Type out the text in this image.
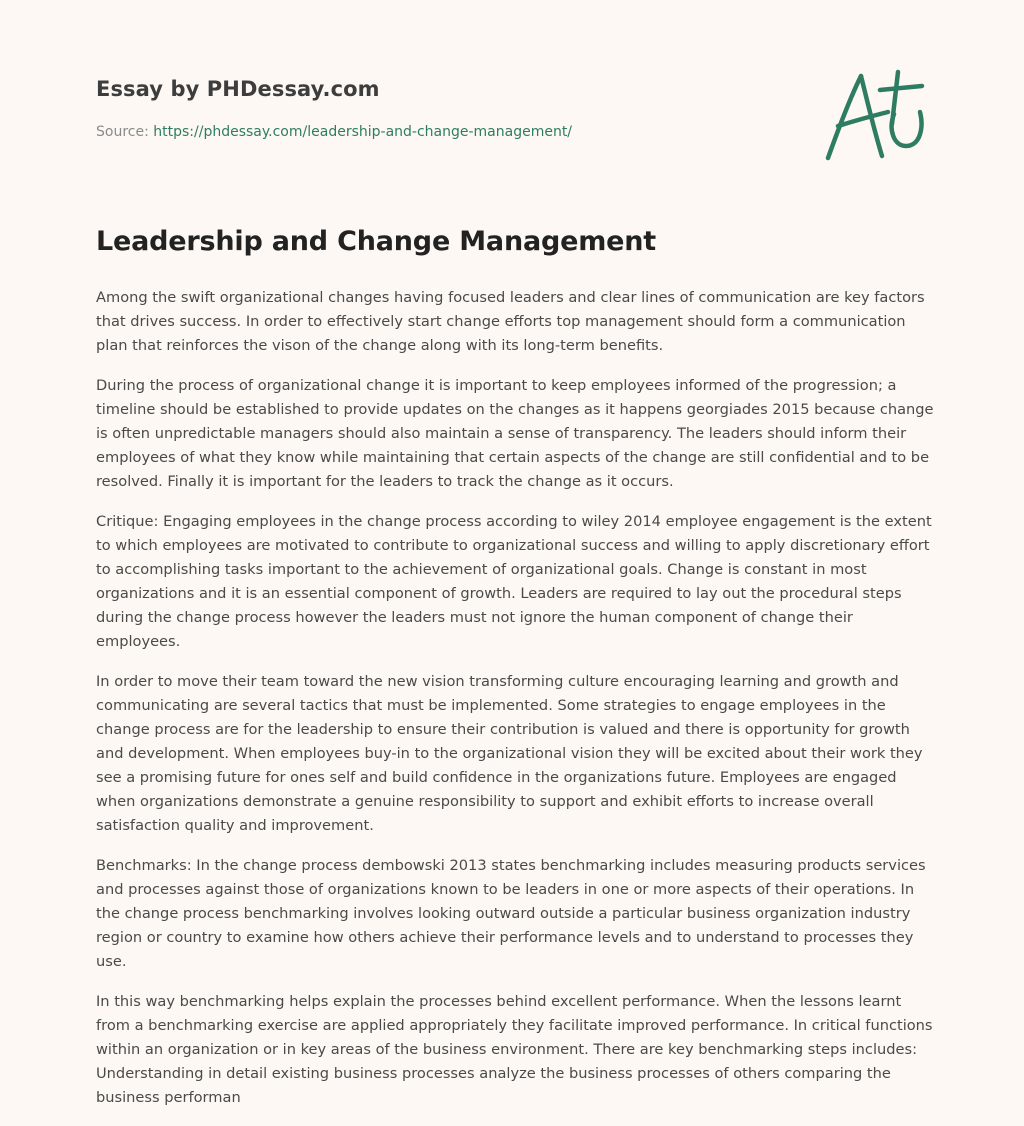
Essay by PHDessay.com
Source: https://phdessay.com/leadership-and-change-management/
Leadership and Change Management

Among the swift organizational changes having focused leaders and clear lines of communication are key factors that drives success. In order to effectively start change efforts top management should form a communication plan that reinforces the vison of the change along with its long-term benefits.

During the process of organizational change it is important to keep employees informed of the progression; a timeline should be established to provide updates on the changes as it happens georgiades 2015 because change is often unpredictable managers should also maintain a sense of transparency. The leaders should inform their employees of what they know while maintaining that certain aspects of the change are still confidential and to be resolved. Finally it is important for the leaders to track the change as it occurs.

Critique: Engaging employees in the change process according to wiley 2014 employee engagement is the extent to which employees are motivated to contribute to organizational success and willing to apply discretionary effort to accomplishing tasks important to the achievement of organizational goals. Change is constant in most organizations and it is an essential component of growth. Leaders are required to lay out the procedural steps during the change process however the leaders must not ignore the human component of change their employees.

In order to move their team toward the new vision transforming culture encouraging learning and growth and communicating are several tactics that must be implemented. Some strategies to engage employees in the change process are for the leadership to ensure their contribution is valued and there is opportunity for growth and development. When employees buy-in to the organizational vision they will be excited about their work they see a promising future for ones self and build confidence in the organizations future. Employees are engaged when organizations demonstrate a genuine responsibility to support and exhibit efforts to increase overall satisfaction quality and improvement.

Benchmarks: In the change process dembowski 2013 states benchmarking includes measuring products services and processes against those of organizations known to be leaders in one or more aspects of their operations. In the change process benchmarking involves looking outward outside a particular business organization industry region or country to examine how others achieve their performance levels and to understand to processes they use.

In this way benchmarking helps explain the processes behind excellent performance. When the lessons learnt from a benchmarking exercise are applied appropriately they facilitate improved performance. In critical functions within an organization or in key areas of the business environment. There are key benchmarking steps includes: Understanding in detail existing business processes analyze the business processes of others comparing the business performan
